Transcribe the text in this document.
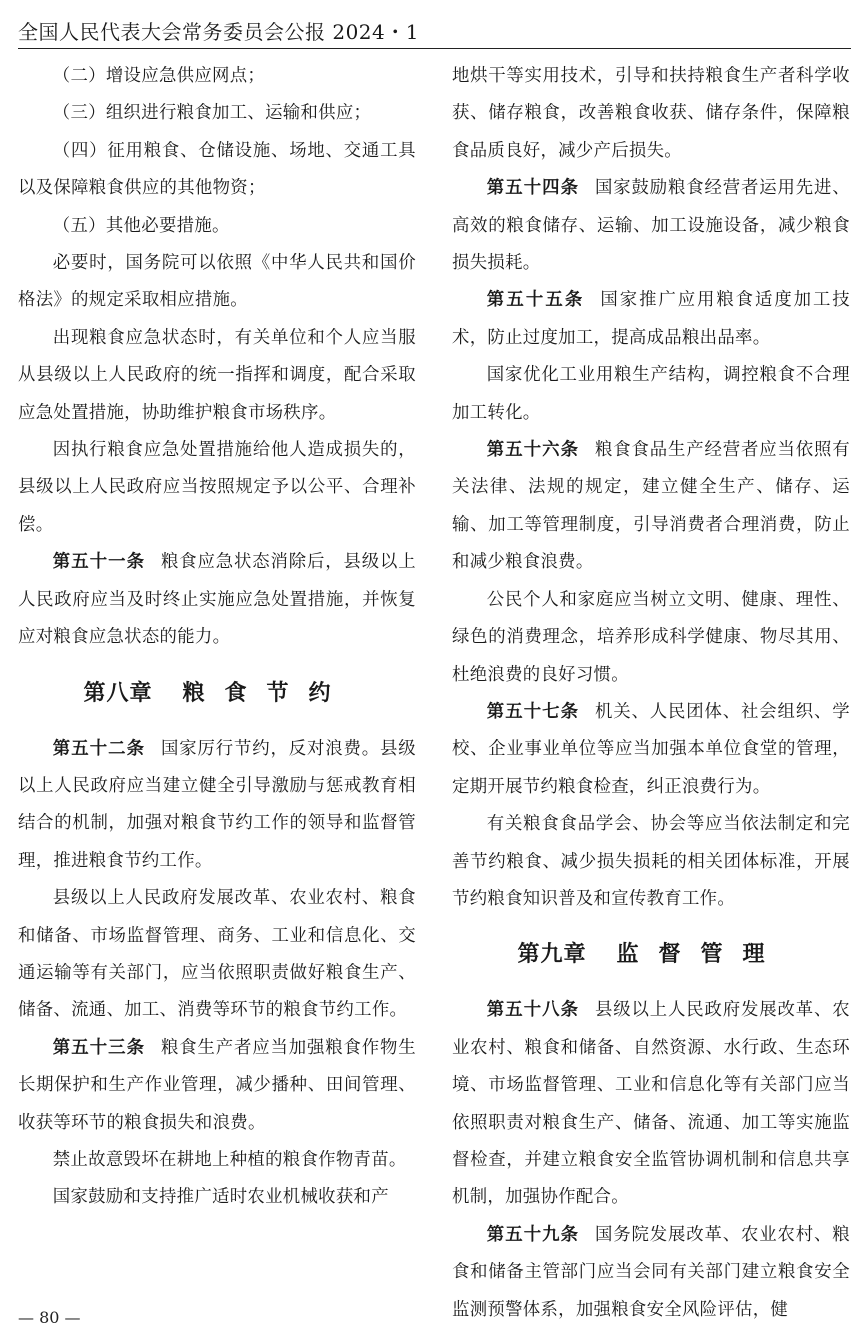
全国人民代表大会常务委员会公报 2024・1

（二）增设应急供应网点；

（三）组织进行粮食加工、运输和供应；

（四）征用粮食、仓储设施、场地、交通工具以及保障粮食供应的其他物资；

（五）其他必要措施。

必要时，国务院可以依照《中华人民共和国价格法》的规定采取相应措施。

出现粮食应急状态时，有关单位和个人应当服从县级以上人民政府的统一指挥和调度，配合采取应急处置措施，协助维护粮食市场秩序。

因执行粮食应急处置措施给他人造成损失的，县级以上人民政府应当按照规定予以公平、合理补偿。

第五十一条 粮食应急状态消除后，县级以上人民政府应当及时终止实施应急处置措施，并恢复应对粮食应急状态的能力。

第八章 粮食节约

第五十二条 国家厉行节约，反对浪费。县级以上人民政府应当建立健全引导激励与惩戒教育相结合的机制，加强对粮食节约工作的领导和监督管理，推进粮食节约工作。

县级以上人民政府发展改革、农业农村、粮食和储备、市场监督管理、商务、工业和信息化、交通运输等有关部门，应当依照职责做好粮食生产、储备、流通、加工、消费等环节的粮食节约工作。

第五十三条 粮食生产者应当加强粮食作物生长期保护和生产作业管理，减少播种、田间管理、收获等环节的粮食损失和浪费。

禁止故意毁坏在耕地上种植的粮食作物青苗。

国家鼓励和支持推广适时农业机械收获和产

地烘干等实用技术，引导和扶持粮食生产者科学收获、储存粮食，改善粮食收获、储存条件，保障粮食品质良好，减少产后损失。

第五十四条 国家鼓励粮食经营者运用先进、高效的粮食储存、运输、加工设施设备，减少粮食损失损耗。

第五十五条 国家推广应用粮食适度加工技术，防止过度加工，提高成品粮出品率。

国家优化工业用粮生产结构，调控粮食不合理加工转化。

第五十六条 粮食食品生产经营者应当依照有关法律、法规的规定，建立健全生产、储存、运输、加工等管理制度，引导消费者合理消费，防止和减少粮食浪费。

公民个人和家庭应当树立文明、健康、理性、绿色的消费理念，培养形成科学健康、物尽其用、杜绝浪费的良好习惯。

第五十七条 机关、人民团体、社会组织、学校、企业事业单位等应当加强本单位食堂的管理，定期开展节约粮食检查，纠正浪费行为。

有关粮食食品学会、协会等应当依法制定和完善节约粮食、减少损失损耗的相关团体标准，开展节约粮食知识普及和宣传教育工作。

第九章 监督管理

第五十八条 县级以上人民政府发展改革、农业农村、粮食和储备、自然资源、水行政、生态环境、市场监督管理、工业和信息化等有关部门应当依照职责对粮食生产、储备、流通、加工等实施监督检查，并建立粮食安全监管协调机制和信息共享机制，加强协作配合。

第五十九条 国务院发展改革、农业农村、粮食和储备主管部门应当会同有关部门建立粮食安全监测预警体系，加强粮食安全风险评估，健

— 80 —
